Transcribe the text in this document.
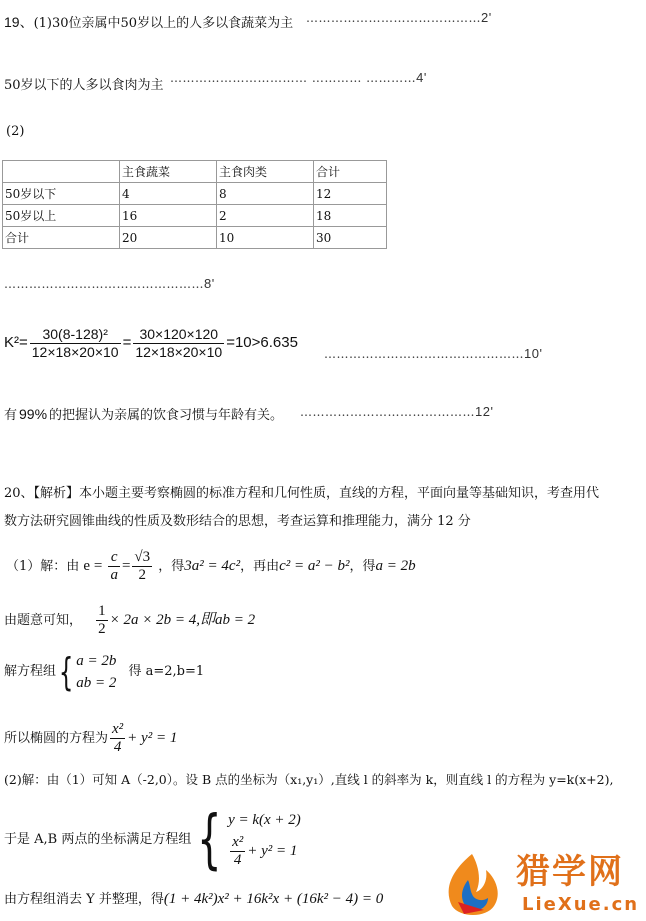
19、(1)30位亲属中50岁以上的人多以食蔬菜为主 ……………………………………2'
50岁以下的人多以食肉为主 …………………………… ………… …………4'
(2)
	主食蔬菜	主食肉类	合计
50岁以下	4	8	12
50岁以上	16	2	18
合计	20	10	30
…………………………………………8'
$K^2= \frac{\text{30(8-128)²}}{12\times 18\times 20\times 10} = \frac{30\times 120\times 120}{12\times 18\times 20\times 10} =10>6.635$
…………………………………………10'
有 99% 的把握认为亲属的饮食习惯与年龄有关。 ……………………………………12'
20、【解析】本小题主要考察椭圆的标准方程和几何性质，直线的方程，平面向量等基础知识，考查用代
数方法研究圆锥曲线的性质及数形结合的思想，考查运算和推理能力，满分 12 分
（1）解：由 $e = \frac{c}{a} = \frac{√3}{2}$ ，得3a² = 4c²，再由c² = a² − b²，得a = 2b
由题意可知， $\frac{1}{2} \times 2a \times 2b = 4$,即ab = 2
解方程组{ a = 2b
ab = 2
得 a=2,b=1
所以椭圆的方程为 $\frac{\text{x²}}{4} + y^2 = 1$
(2)解：由（1）可知 A（-2,0）。设 B 点的坐标为（x₁,y₁）,直线 l 的斜率为 k，则直线 l 的方程为 y=k(x+2),
于是 A,B 两点的坐标满足方程组{ y = k(x + 2)
$\frac{\text{x²}}{4} + y^2 = 1$
由方程组消去 Y 并整理，得(1 + 4k²)x² + 16k²x + (16k² − 4) = 0
猎学网
LieXue.cn
